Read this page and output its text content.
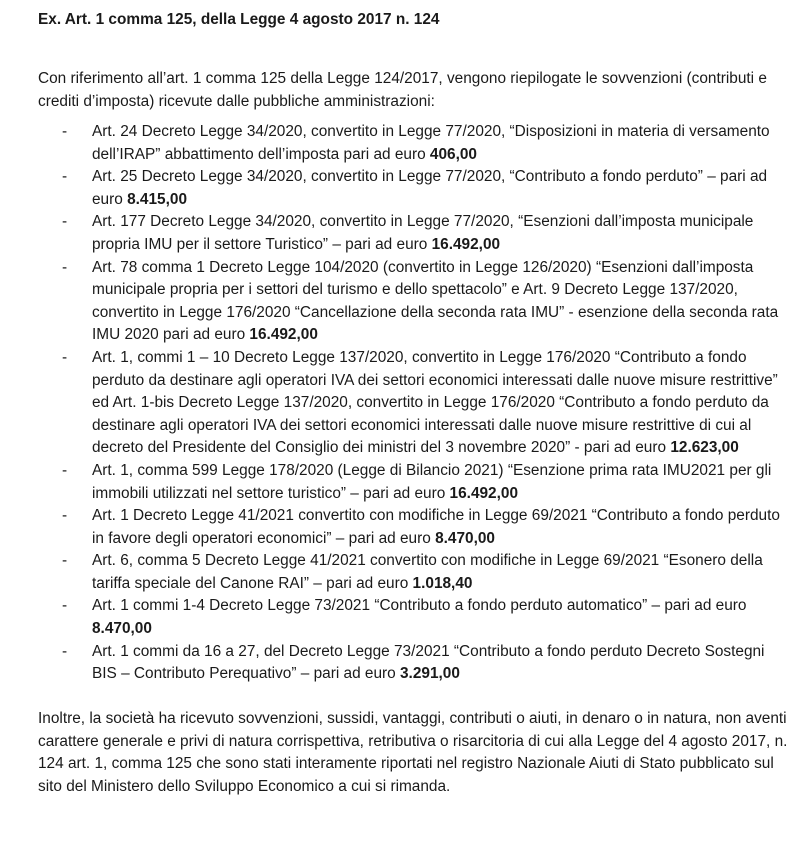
Ex. Art. 1 comma 125, della Legge 4 agosto 2017 n. 124
Con riferimento all’art. 1 comma 125 della Legge 124/2017, vengono riepilogate le sovvenzioni (contributi e crediti d’imposta) ricevute dalle pubbliche amministrazioni:
- Art. 24 Decreto Legge 34/2020, convertito in Legge 77/2020, “Disposizioni in materia di versamento dell’IRAP” abbattimento dell’imposta pari ad euro 406,00
- Art. 25 Decreto Legge 34/2020, convertito in Legge 77/2020, “Contributo a fondo perduto” – pari ad euro 8.415,00
- Art. 177 Decreto Legge 34/2020, convertito in Legge 77/2020, “Esenzioni dall’imposta municipale propria IMU per il settore Turistico” – pari ad euro 16.492,00
- Art. 78 comma 1 Decreto Legge 104/2020 (convertito in Legge 126/2020) “Esenzioni dall’imposta municipale propria per i settori del turismo e dello spettacolo” e Art. 9 Decreto Legge 137/2020, convertito in Legge 176/2020 “Cancellazione della seconda rata IMU” - esenzione della seconda rata IMU 2020 pari ad euro 16.492,00
- Art. 1, commi 1 – 10 Decreto Legge 137/2020, convertito in Legge 176/2020 “Contributo a fondo perduto da destinare agli operatori IVA dei settori economici interessati dalle nuove misure restrittive” ed Art. 1-bis Decreto Legge 137/2020, convertito in Legge 176/2020 “Contributo a fondo perduto da destinare agli operatori IVA dei settori economici interessati dalle nuove misure restrittive di cui al decreto del Presidente del Consiglio dei ministri del 3 novembre 2020” - pari ad euro 12.623,00
- Art. 1, comma 599 Legge 178/2020 (Legge di Bilancio 2021) “Esenzione prima rata IMU2021 per gli immobili utilizzati nel settore turistico” – pari ad euro 16.492,00
- Art. 1 Decreto Legge 41/2021 convertito con modifiche in Legge 69/2021 “Contributo a fondo perduto in favore degli operatori economici” – pari ad euro 8.470,00
- Art. 6, comma 5 Decreto Legge 41/2021 convertito con modifiche in Legge 69/2021 “Esonero della tariffa speciale del Canone RAI” – pari ad euro 1.018,40
- Art. 1 commi 1-4 Decreto Legge 73/2021 “Contributo a fondo perduto automatico” – pari ad euro 8.470,00
- Art. 1 commi da 16 a 27, del Decreto Legge 73/2021 “Contributo a fondo perduto Decreto Sostegni BIS – Contributo Perequativo” – pari ad euro 3.291,00
Inoltre, la società ha ricevuto sovvenzioni, sussidi, vantaggi, contributi o aiuti, in denaro o in natura, non aventi carattere generale e privi di natura corrispettiva, retributiva o risarcitoria di cui alla Legge del 4 agosto 2017, n. 124 art. 1, comma 125 che sono stati interamente riportati nel registro Nazionale Aiuti di Stato pubblicato sul sito del Ministero dello Sviluppo Economico a cui si rimanda.
